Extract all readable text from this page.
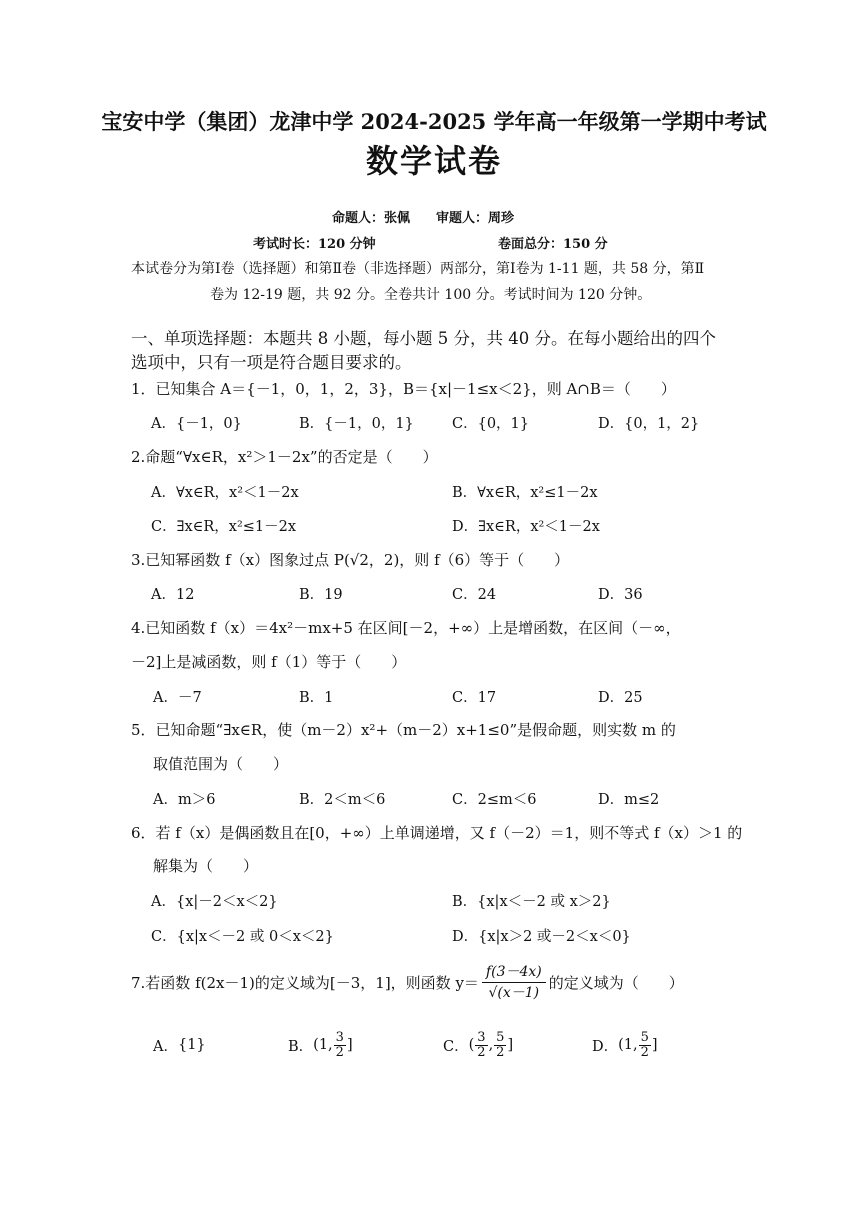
宝安中学（集团）龙津中学 2024-2025 学年高一年级第一学期中考试
数学试卷
命题人：张佩　　审题人：周珍
考试时长：120 分钟	卷面总分：150 分
本试卷分为第Ⅰ卷（选择题）和第Ⅱ卷（非选择题）两部分，第Ⅰ卷为 1-11 题，共 58 分，第Ⅱ
卷为 12-19 题，共 92 分。全卷共计 100 分。考试时间为 120 分钟。
一、单项选择题：本题共 8 小题，每小题 5 分，共 40 分。在每小题给出的四个
选项中，只有一项是符合题目要求的。
1．已知集合 A＝{－1，0，1，2，3}，B＝{x|－1≤x＜2}，则 A∩B＝（　　）
A．{－1，0}	B．{－1，0，1}	C．{0，1}	D．{0，1，2}
2.命题“∀x∈R，x²＞1－2x”的否定是（　　）
A．∀x∈R，x²＜1－2x	B．∀x∈R，x²≤1－2x
C．∃x∈R，x²≤1－2x	D．∃x∈R，x²＜1－2x
3.已知幂函数 f（x）图象过点 P(√2，2)，则 f（6）等于（　　）
A．12	B．19	C．24	D．36
4.已知函数 f（x）＝4x²－mx+5 在区间[－2，+∞）上是增函数，在区间（－∞，
－2]上是减函数，则 f（1）等于（　　）
A．－7	B．1	C．17	D．25
5．已知命题“∃x∈R，使（m－2）x²+（m－2）x+1≤0”是假命题，则实数 m 的
取值范围为（　　）
A．m＞6	B．2＜m＜6	C．2≤m＜6	D．m≤2
6．若 f（x）是偶函数且在[0，+∞）上单调递增，又 f（－2）＝1，则不等式 f（x）＞1 的
解集为（　　）
A．{x|－2＜x＜2}	B．{x|x＜－2 或 x＞2}
C．{x|x＜－2 或 0＜x＜2}	D．{x|x＞2 或－2＜x＜0}
7.若函数 f(2x－1)的定义域为[－3，1]，则函数 $y= \frac{f(3-4x)}{√(x-1)}$ 的定义域为（　　）
A． {1}	B． (1, $\frac{3}{2}$ ]	C． ( $\frac{3}{2}$ , $\frac{5}{2}$ ]	D． (1, $\frac{5}{2}$ ]
